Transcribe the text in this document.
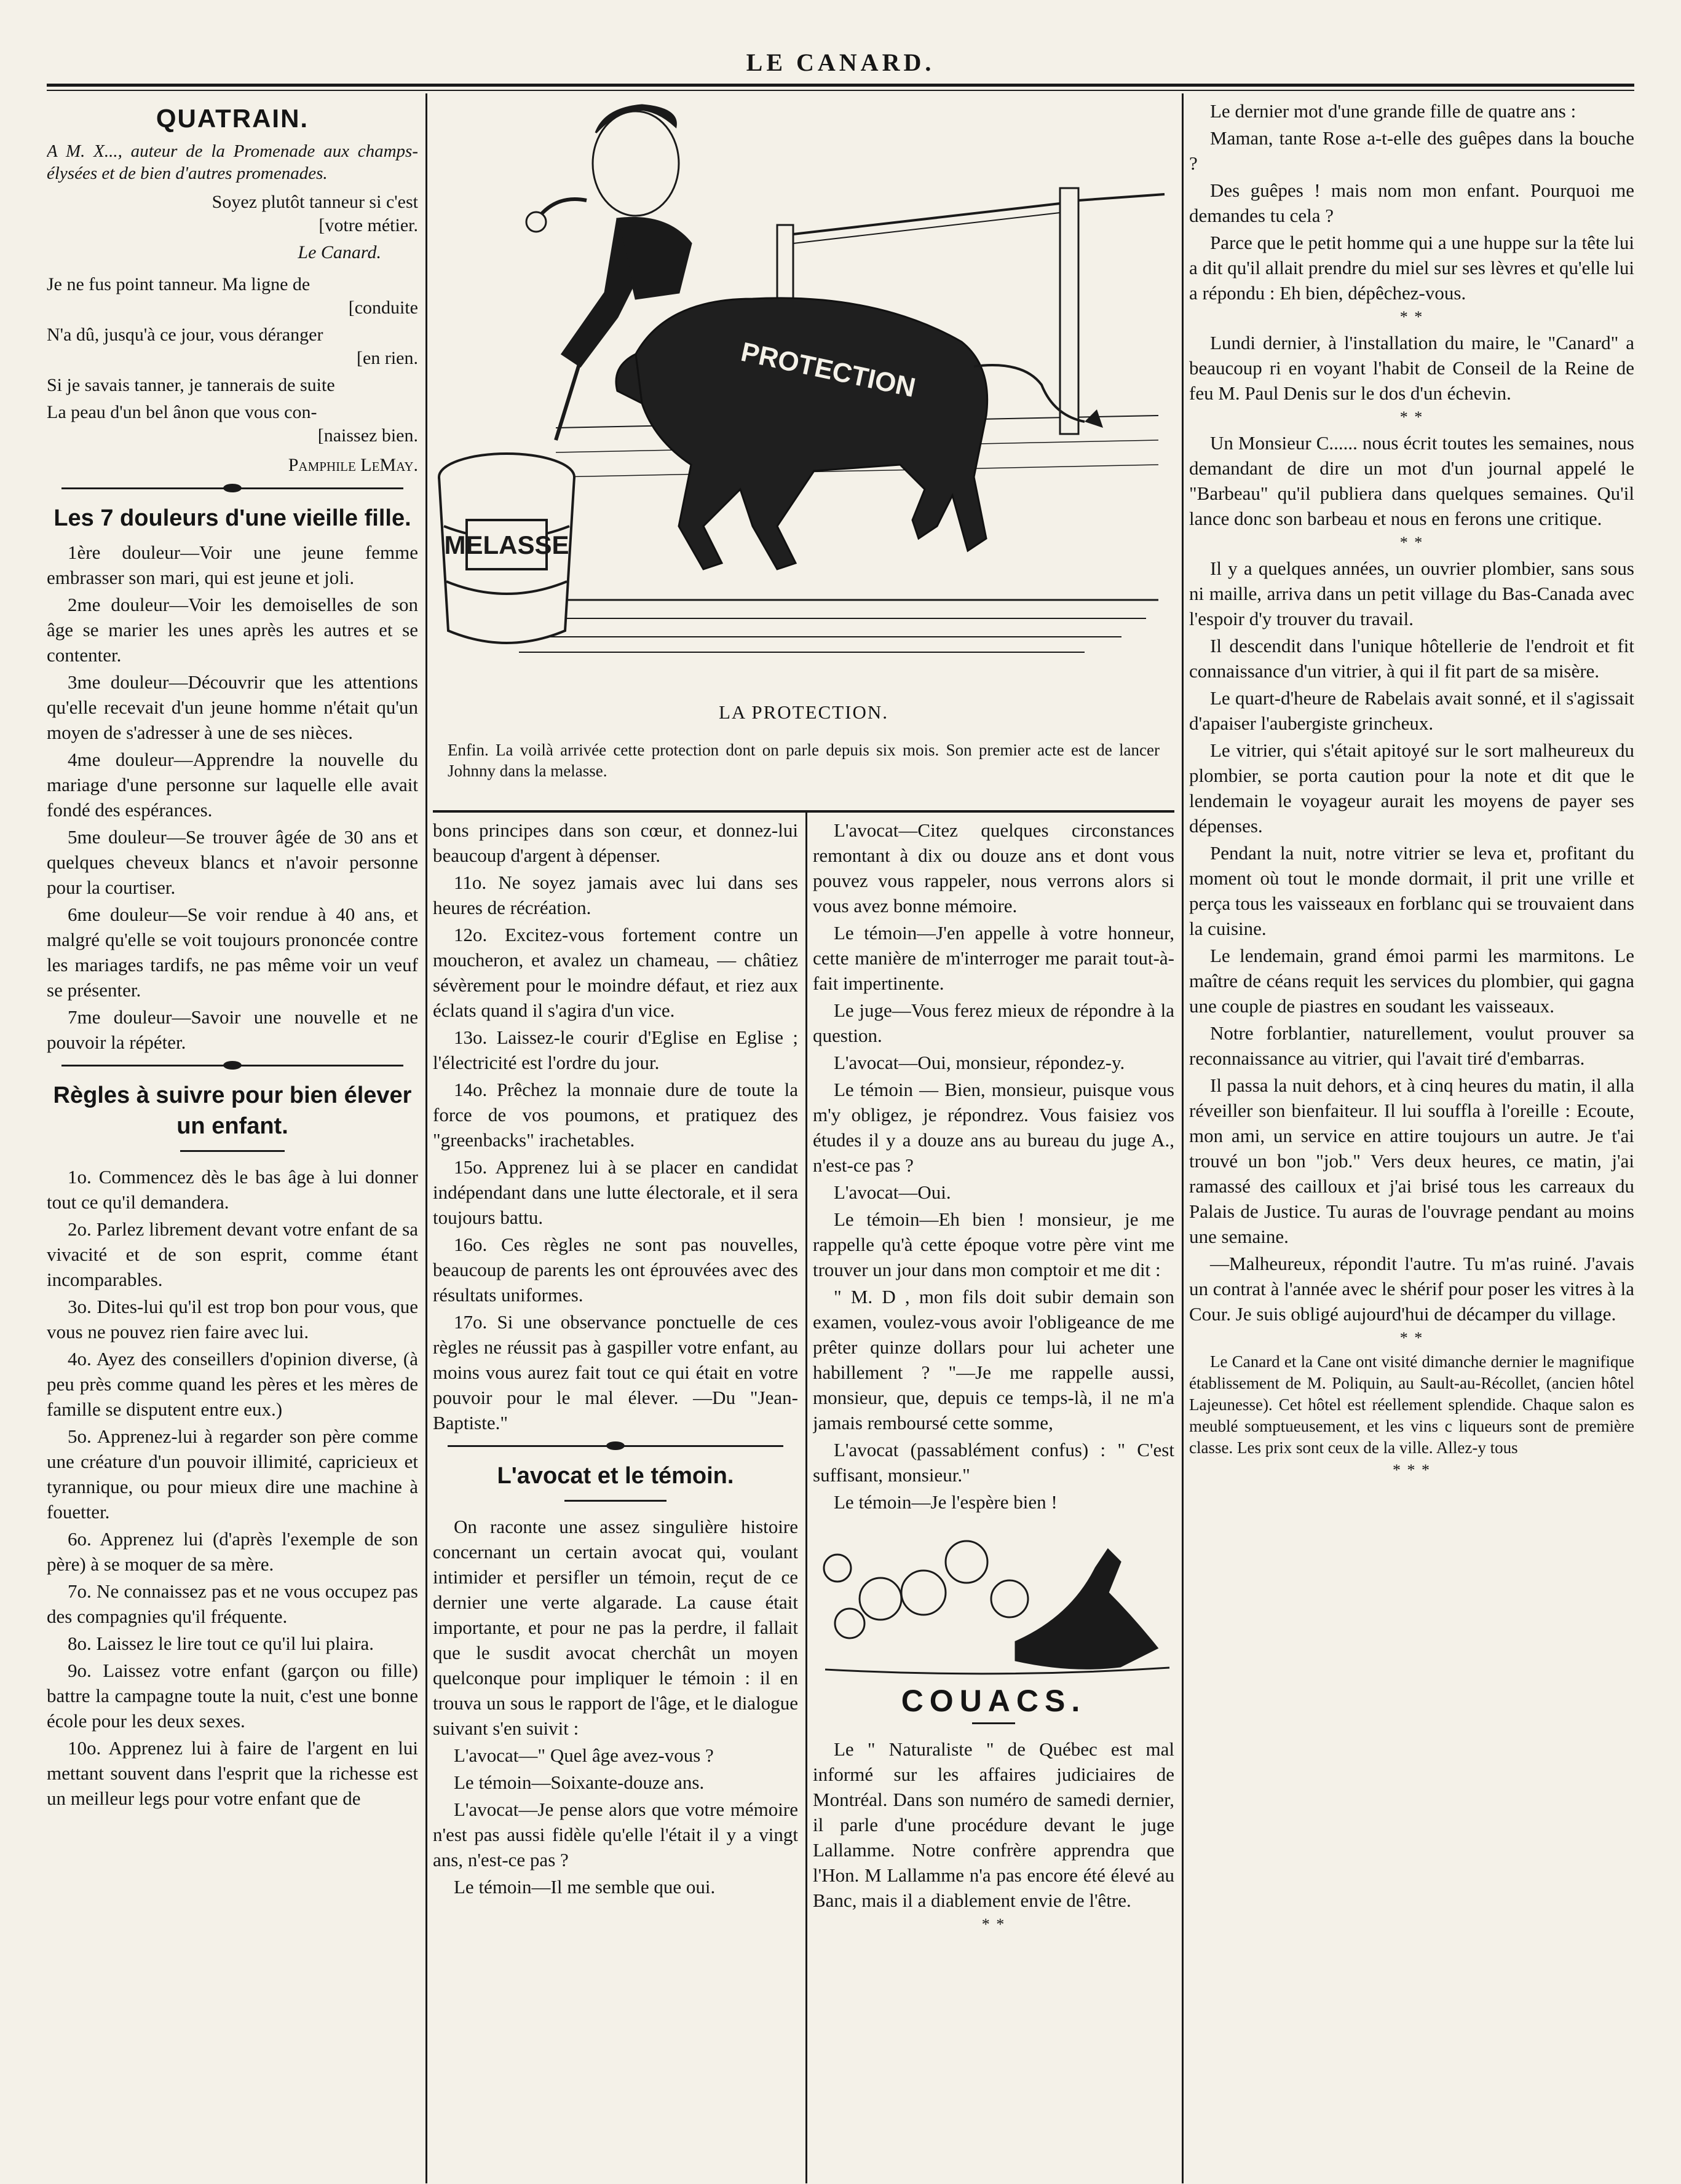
LE CANARD.
QUATRAIN.
A M. X..., auteur de la Promenade aux champs-élysées et de bien d'autres promenades.
Soyez plutôt tanneur si c'est
[votre métier.
Le Canard.
Je ne fus point tanneur. Ma ligne de
[conduite
N'a dû, jusqu'à ce jour, vous déranger
[en rien.
Si je savais tanner, je tannerais de suite
La peau d'un bel ânon que vous con-
[naissez bien.
Pamphile LeMay.
Les 7 douleurs d'une vieille fille.

1ère douleur—Voir une jeune femme embrasser son mari, qui est jeune et joli.

2me douleur—Voir les demoiselles de son âge se marier les unes après les autres et se contenter.

3me douleur—Découvrir que les attentions qu'elle recevait d'un jeune homme n'était qu'un moyen de s'adresser à une de ses nièces.

4me douleur—Apprendre la nouvelle du mariage d'une personne sur laquelle elle avait fondé des espérances.

5me douleur—Se trouver âgée de 30 ans et quelques cheveux blancs et n'avoir personne pour la courtiser.

6me douleur—Se voir rendue à 40 ans, et malgré qu'elle se voit toujours prononcée contre les mariages tardifs, ne pas même voir un veuf se présenter.

7me douleur—Savoir une nouvelle et ne pouvoir la répéter.

Règles à suivre pour bien élever un enfant.

1o. Commencez dès le bas âge à lui donner tout ce qu'il demandera.

2o. Parlez librement devant votre enfant de sa vivacité et de son esprit, comme étant incomparables.

3o. Dites-lui qu'il est trop bon pour vous, que vous ne pouvez rien faire avec lui.

4o. Ayez des conseillers d'opinion diverse, (à peu près comme quand les pères et les mères de famille se disputent entre eux.)

5o. Apprenez-lui à regarder son père comme une créature d'un pouvoir illimité, capricieux et tyrannique, ou pour mieux dire une machine à fouetter.

6o. Apprenez lui (d'après l'exemple de son père) à se moquer de sa mère.

7o. Ne connaissez pas et ne vous occupez pas des compagnies qu'il fréquente.

8o. Laissez le lire tout ce qu'il lui plaira.

9o. Laissez votre enfant (garçon ou fille) battre la campagne toute la nuit, c'est une bonne école pour les deux sexes.

10o. Apprenez lui à faire de l'argent en lui mettant souvent dans l'esprit que la richesse est un meilleur legs pour votre enfant que de

MELASSE
PROTECTION
LA PROTECTION.
Enfin. La voilà arrivée cette protection dont on parle depuis six mois. Son premier acte est de lancer Johnny dans la melasse.

bons principes dans son cœur, et donnez-lui beaucoup d'argent à dépenser.

11o. Ne soyez jamais avec lui dans ses heures de récréation.

12o. Excitez-vous fortement contre un moucheron, et avalez un chameau, — châtiez sévèrement pour le moindre défaut, et riez aux éclats quand il s'agira d'un vice.

13o. Laissez-le courir d'Eglise en Eglise ; l'électricité est l'ordre du jour.

14o. Prêchez la monnaie dure de toute la force de vos poumons, et pratiquez des "greenbacks" irachetables.

15o. Apprenez lui à se placer en candidat indépendant dans une lutte électorale, et il sera toujours battu.

16o. Ces règles ne sont pas nouvelles, beaucoup de parents les ont éprouvées avec des résultats uniformes.

17o. Si une observance ponctuelle de ces règles ne réussit pas à gaspiller votre enfant, au moins vous aurez fait tout ce qui était en votre pouvoir pour le mal élever. —Du "Jean-Baptiste."

L'avocat et le témoin.

On raconte une assez singulière histoire concernant un certain avocat qui, voulant intimider et persifler un témoin, reçut de ce dernier une verte algarade. La cause était importante, et pour ne pas la perdre, il fallait que le susdit avocat cherchât un moyen quelconque pour impliquer le témoin : il en trouva un sous le rapport de l'âge, et le dialogue suivant s'en suivit :

L'avocat—" Quel âge avez-vous ?

Le témoin—Soixante-douze ans.

L'avocat—Je pense alors que votre mémoire n'est pas aussi fidèle qu'elle l'était il y a vingt ans, n'est-ce pas ?

Le témoin—Il me semble que oui.

L'avocat—Citez quelques circonstances remontant à dix ou douze ans et dont vous pouvez vous rappeler, nous verrons alors si vous avez bonne mémoire.

Le témoin—J'en appelle à votre honneur, cette manière de m'interroger me parait tout-à-fait impertinente.

Le juge—Vous ferez mieux de répondre à la question.

L'avocat—Oui, monsieur, répondez-y.

Le témoin — Bien, monsieur, puisque vous m'y obligez, je répondrez. Vous faisiez vos études il y a douze ans au bureau du juge A., n'est-ce pas ?

L'avocat—Oui.

Le témoin—Eh bien ! monsieur, je me rappelle qu'à cette époque votre père vint me trouver un jour dans mon comptoir et me dit :

" M. D , mon fils doit subir demain son examen, voulez-vous avoir l'obligeance de me prêter quinze dollars pour lui acheter une habillement ? "—Je me rappelle aussi, monsieur, que, depuis ce temps-là, il ne m'a jamais remboursé cette somme,

L'avocat (passablément confus) : " C'est suffisant, monsieur."

Le témoin—Je l'espère bien !

COUACS.

Le " Naturaliste " de Québec est mal informé sur les affaires judiciaires de Montréal. Dans son numéro de samedi dernier, il parle d'une procédure devant le juge Lallamme. Notre confrère apprendra que l'Hon. M Lallamme n'a pas encore été élevé au Banc, mais il a diablement envie de l'être.

* *

Le dernier mot d'une grande fille de quatre ans :

Maman, tante Rose a-t-elle des guêpes dans la bouche ?

Des guêpes ! mais nom mon enfant. Pourquoi me demandes tu cela ?

Parce que le petit homme qui a une huppe sur la tête lui a dit qu'il allait prendre du miel sur ses lèvres et qu'elle lui a répondu : Eh bien, dépêchez-vous.

* *

Lundi dernier, à l'installation du maire, le "Canard" a beaucoup ri en voyant l'habit de Conseil de la Reine de feu M. Paul Denis sur le dos d'un échevin.

* *

Un Monsieur C...... nous écrit toutes les semaines, nous demandant de dire un mot d'un journal appelé le "Barbeau" qu'il publiera dans quelques semaines. Qu'il lance donc son barbeau et nous en ferons une critique.

* *

Il y a quelques années, un ouvrier plombier, sans sous ni maille, arriva dans un petit village du Bas-Canada avec l'espoir d'y trouver du travail.

Il descendit dans l'unique hôtellerie de l'endroit et fit connaissance d'un vitrier, à qui il fit part de sa misère.

Le quart-d'heure de Rabelais avait sonné, et il s'agissait d'apaiser l'aubergiste grincheux.

Le vitrier, qui s'était apitoyé sur le sort malheureux du plombier, se porta caution pour la note et dit que le lendemain le voyageur aurait les moyens de payer ses dépenses.

Pendant la nuit, notre vitrier se leva et, profitant du moment où tout le monde dormait, il prit une vrille et perça tous les vaisseaux en forblanc qui se trouvaient dans la cuisine.

Le lendemain, grand émoi parmi les marmitons. Le maître de céans requit les services du plombier, qui gagna une couple de piastres en soudant les vaisseaux.

Notre forblantier, naturellement, voulut prouver sa reconnaissance au vitrier, qui l'avait tiré d'embarras.

Il passa la nuit dehors, et à cinq heures du matin, il alla réveiller son bienfaiteur. Il lui souffla à l'oreille : Ecoute, mon ami, un service en attire toujours un autre. Je t'ai trouvé un bon "job." Vers deux heures, ce matin, j'ai ramassé des cailloux et j'ai brisé tous les carreaux du Palais de Justice. Tu auras de l'ouvrage pendant au moins une semaine.

—Malheureux, répondit l'autre. Tu m'as ruiné. J'avais un contrat à l'année avec le shérif pour poser les vitres à la Cour. Je suis obligé aujourd'hui de décamper du village.

* *

Le Canard et la Cane ont visité dimanche dernier le magnifique établissement de M. Poliquin, au Sault-au-Récollet, (ancien hôtel Lajeunesse). Cet hôtel est réellement splendide. Chaque salon es meublé somptueusement, et les vins c liqueurs sont de première classe. Les prix sont ceux de la ville. Allez-y tous

* * *
